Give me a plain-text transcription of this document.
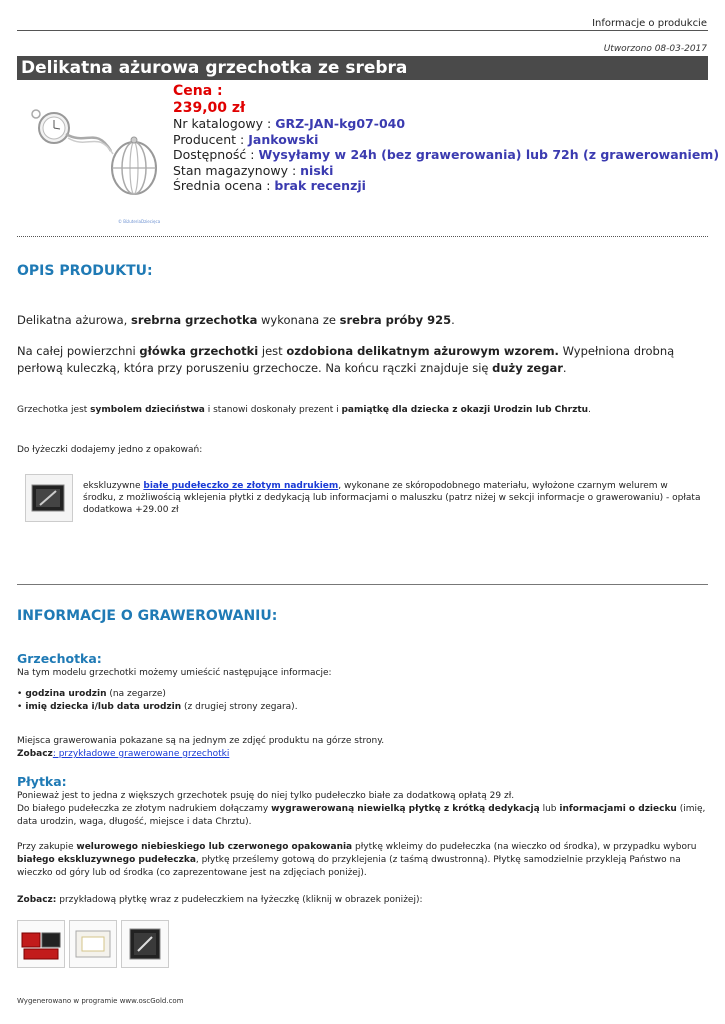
Informacje o produkcie
Utworzono 08-03-2017
Delikatna ażurowa grzechotka ze srebra
© BiżuteriaDziecięca
Cena :
239,00 zł
Nr katalogowy : GRZ-JAN-kg07-040
Producent : Jankowski
Dostępność : Wysyłamy w 24h (bez grawerowania) lub 72h (z grawerowaniem)
Stan magazynowy : niski
Średnia ocena : brak recenzji
OPIS PRODUKTU:
Delikatna ażurowa, srebrna grzechotka wykonana ze srebra próby 925.
Na całej powierzchni główka grzechotki jest ozdobiona delikatnym ażurowym wzorem. Wypełniona drobną perłową kuleczką, która przy poruszeniu grzechocze. Na końcu rączki znajduje się duży zegar.
Grzechotka jest symbolem dzieciństwa i stanowi doskonały prezent i pamiątkę dla dziecka z okazji Urodzin lub Chrztu.
Do łyżeczki dodajemy jedno z opakowań:
ekskluzywne białe pudełeczko ze złotym nadrukiem, wykonane ze skóropodobnego materiału, wyłożone czarnym welurem w środku, z możliwością wklejenia płytki z dedykacją lub informacjami o maluszku (patrz niżej w sekcji informacje o grawerowaniu) - opłata dodatkowa +29.00 zł
INFORMACJE O GRAWEROWANIU:
Grzechotka:
Na tym modelu grzechotki możemy umieścić następujące informacje:
• godzina urodzin (na zegarze)
• imię dziecka i/lub data urodzin (z drugiej strony zegara).
Miejsca grawerowania pokazane są na jednym ze zdjęć produktu na górze strony.
Zobacz: przykładowe grawerowane grzechotki
Płytka:
Ponieważ jest to jedna z większych grzechotek psuję do niej tylko pudełeczko białe za dodatkową opłatą 29 zł.
Do białego pudełeczka ze złotym nadrukiem dołączamy wygrawerowaną niewielką płytkę z krótką dedykacją lub informacjami o dziecku (imię, data urodzin, waga, długość, miejsce i data Chrztu).
Przy zakupie welurowego niebieskiego lub czerwonego opakowania płytkę wkleimy do pudełeczka (na wieczko od środka), w przypadku wyboru białego ekskluzywnego pudełeczka, płytkę prześlemy gotową do przyklejenia (z taśmą dwustronną). Płytkę samodzielnie przykleją Państwo na wieczko od góry lub od środka (co zaprezentowane jest na zdjęciach poniżej).
Zobacz: przykładową płytkę wraz z pudełeczkiem na łyżeczkę (kliknij w obrazek poniżej):
Wygenerowano w programie www.oscGold.com
